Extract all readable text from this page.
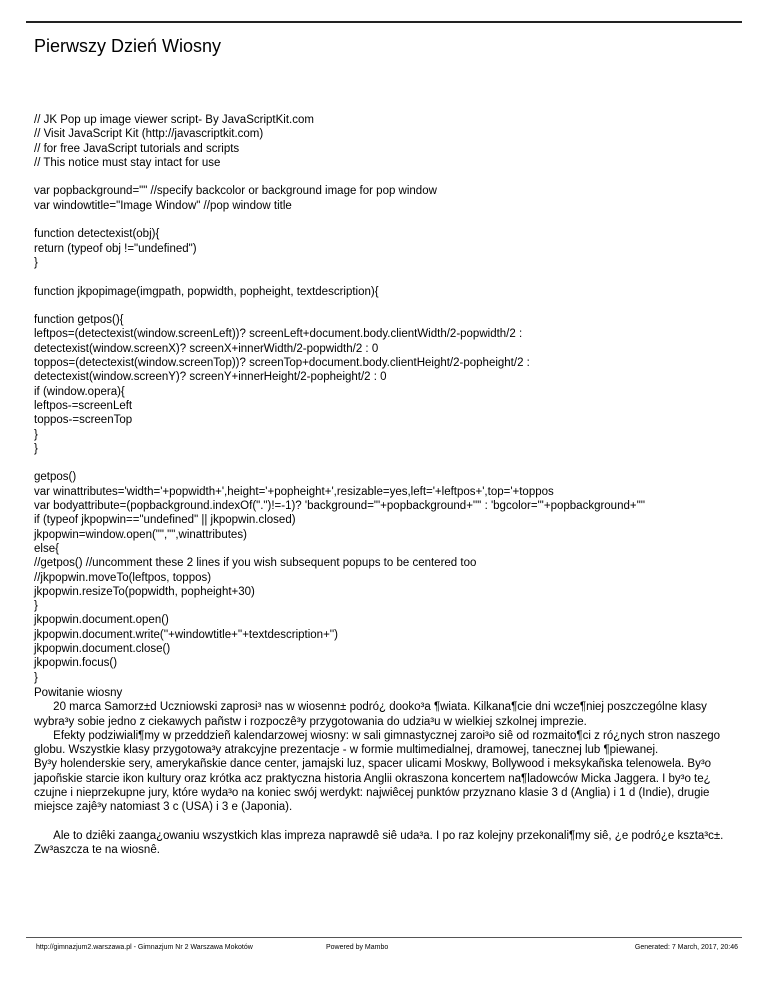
Pierwszy Dzień Wiosny
// JK Pop up image viewer script- By JavaScriptKit.com
// Visit JavaScript Kit (http://javascriptkit.com)
// for free JavaScript tutorials and scripts
// This notice must stay intact for use
var popbackground="" //specify backcolor or background image for pop window
var windowtitle="Image Window" //pop window title
function detectexist(obj){
return (typeof obj !="undefined")
}
function jkpopimage(imgpath, popwidth, popheight, textdescription){
function getpos(){
leftpos=(detectexist(window.screenLeft))? screenLeft+document.body.clientWidth/2-popwidth/2 :
detectexist(window.screenX)? screenX+innerWidth/2-popwidth/2 : 0
toppos=(detectexist(window.screenTop))? screenTop+document.body.clientHeight/2-popheight/2 :
detectexist(window.screenY)? screenY+innerHeight/2-popheight/2 : 0
if (window.opera){
leftpos-=screenLeft
toppos-=screenTop
}
}
getpos()
var winattributes='width='+popwidth+',height='+popheight+',resizable=yes,left='+leftpos+',top='+toppos
var bodyattribute=(popbackground.indexOf(".")!=-1)? 'background="'+popbackground+'"' : 'bgcolor="'+popbackground+'"'
if (typeof jkpopwin=="undefined" || jkpopwin.closed)
jkpopwin=window.open("","",winattributes)
else{
//getpos() //uncomment these 2 lines if you wish subsequent popups to be centered too
//jkpopwin.moveTo(leftpos, toppos)
jkpopwin.resizeTo(popwidth, popheight+30)
}
jkpopwin.document.open()
jkpopwin.document.write(''+windowtitle+''+textdescription+'')
jkpopwin.document.close()
jkpopwin.focus()
}
Powitanie wiosny
20 marca Samorz±d Uczniowski zaprosi³ nas w wiosenn± podró¿ dooko³a ¶wiata. Kilkana¶cie dni wcze¶niej poszczególne klasy wybra³y sobie jedno z ciekawych pañstw i rozpoczê³y przygotowania do udzia³u w wielkiej szkolnej imprezie.
Efekty podziwiali¶my w przeddzieñ kalendarzowej wiosny: w sali gimnastycznej zaroi³o siê od rozmaito¶ci z ró¿nych stron naszego globu. Wszystkie klasy przygotowa³y atrakcyjne prezentacje - w formie multimedialnej, dramowej, tanecznej lub ¶piewanej.
By³y holenderskie sery, amerykañskie dance center, jamajski luz, spacer ulicami Moskwy, Bollywood i meksykañska telenowela. By³o japoñskie starcie ikon kultury oraz krótka acz praktyczna historia Anglii okraszona koncertem na¶ladowców Micka Jaggera. I by³o te¿ czujne i nieprzekupne jury, które wyda³o na koniec swój werdykt: najwiêcej punktów przyznano klasie 3 d (Anglia) i 1 d (Indie), drugie miejsce zajê³y natomiast 3 c (USA) i 3 e (Japonia).
Ale to dziêki zaanga¿owaniu wszystkich klas impreza naprawdê siê uda³a. I po raz kolejny przekonali¶my siê, ¿e podró¿e kszta³c±. Zw³aszcza te na wiosnê.
http://gimnazjum2.warszawa.pl - Gimnazjum Nr 2 Warszawa Mokotów	Powered by Mambo	Generated: 7 March, 2017, 20:46
